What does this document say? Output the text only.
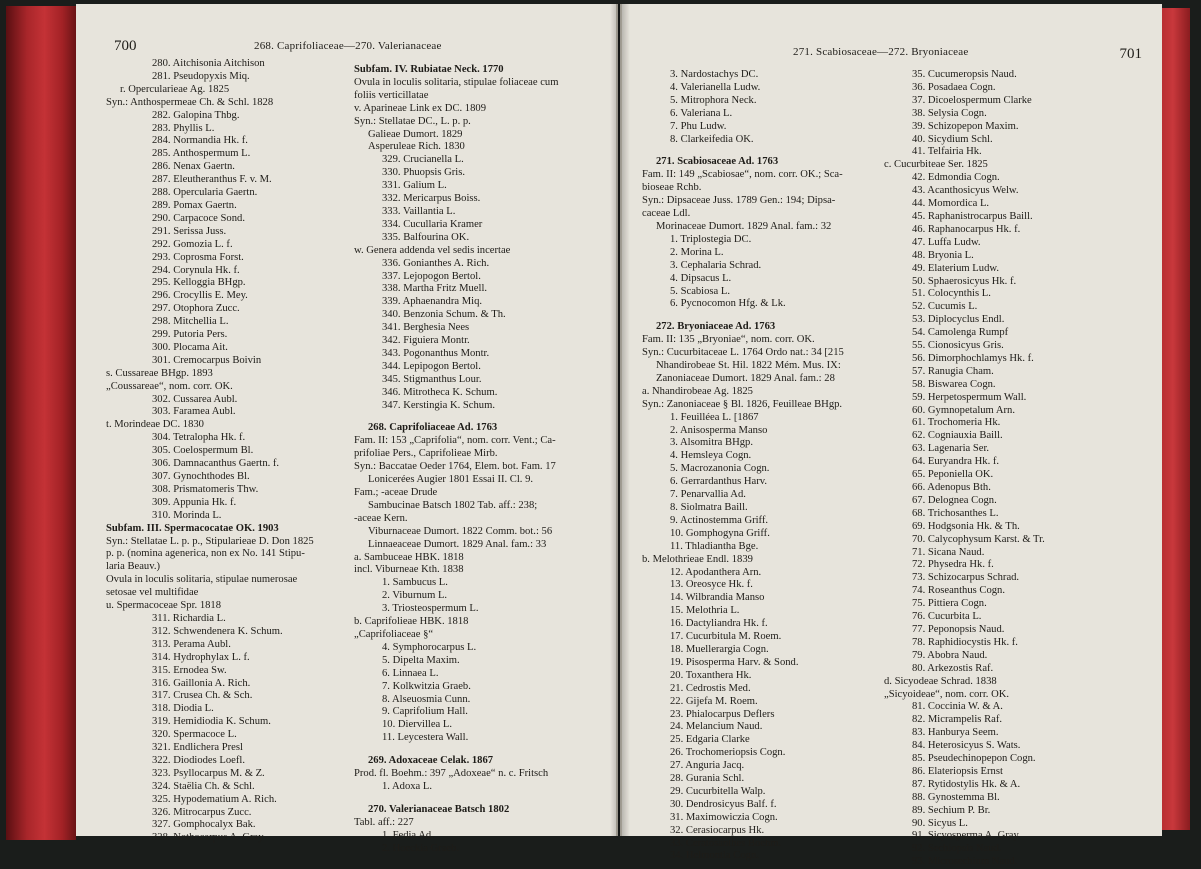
700	268. Caprifoliaceae—270. Valerianaceae
280. Aitchisonia Aitchison
281. Pseudopyxis Miq.
r. Operculariеae Ag. 1825
Syn.: Anthospermeae Ch. & Schl. 1828
282. Galopina Thbg.
283. Phyllis L.
284. Normandia Hk. f.
285. Anthospermum L.
286. Nenax Gaertn.
287. Eleutheranthus F. v. M.
288. Opercularia Gaertn.
289. Pomax Gaertn.
290. Carpacoce Sond.
291. Serissa Juss.
292. Gomozia L. f.
293. Coprosma Forst.
294. Corynula Hk. f.
295. Kelloggia BHgp.
296. Crocyllis E. Mey.
297. Otophora Zucc.
298. Mitchellia L.
299. Putoria Pers.
300. Plocama Ait.
301. Cremocarpus Boivin
s. Cussareae BHgp. 1893
„Coussareae“, nom. corr. OK.
302. Cussarea Aubl.
303. Faramea Aubl.
t. Morindeae DC. 1830
304. Tetralopha Hk. f.
305. Coelospermum Bl.
306. Damnacanthus Gaertn. f.
307. Gynochthodes Bl.
308. Prismatomeris Thw.
309. Appunia Hk. f.
310. Morinda L.
Subfam. III. Spermacocatae OK. 1903
Syn.: Stellatae L. p. p., Stipularieae D. Don 1825
p. p. (nomina agenerica, non ex No. 141 Stipu-
laria Beauv.)
Ovula in loculis solitaria, stipulae numerosae
setosae vel multifidae
u. Spermacoceae Spr. 1818
311. Richardia L.
312. Schwendenera K. Schum.
313. Perama Aubl.
314. Hydrophylax L. f.
315. Ernodea Sw.
316. Gaillonia A. Rich.
317. Crusea Ch. & Sch.
318. Diodia L.
319. Hemidiodia K. Schum.
320. Spermacoce L.
321. Endlichera Presl
322. Diodiodes Loefl.
323. Psyllocarpus M. & Z.
324. Staëlia Ch. & Schl.
325. Hypodematium A. Rich.
326. Mitrocarpus Zucc.
327. Gomphocalyx Bak.
328. Nothocarpus A. Gray
Subfam. IV. Rubiatae Neck. 1770
Ovula in loculis solitaria, stipulae foliaceae cum
foliis verticillatae
v. Aparineae Link ex DC. 1809
Syn.: Stellatae DC., L. p. p.
Galieae Dumort. 1829
Asperuleae Rich. 1830
329. Crucianella L.
330. Phuopsis Gris.
331. Galium L.
332. Mericarpus Boiss.
333. Vaillantia L.
334. Cucullaria Kramer
335. Balfourina OK.
w. Genera addenda vel sedis incertae
336. Gonianthes A. Rich.
337. Lejopogon Bertol.
338. Martha Fritz Muell.
339. Aphaenandra Miq.
340. Benzonia Schum. & Th.
341. Berghesia Nees
342. Figuiera Montr.
343. Pogonanthus Montr.
344. Lepipogon Bertol.
345. Stigmanthus Lour.
346. Mitrotheca K. Schum.
347. Kerstingia K. Schum.
268. Caprifoliaceae Ad. 1763
Fam. II: 153 „Caprifolia“, nom. corr. Vent.; Ca-
prifoliae Pers., Caprifolieae Mirb.
Syn.: Baccatae Oeder 1764, Elem. bot. Fam. 17
Loniceréеs Augier 1801 Essai II. Cl. 9.
Fam.; -aceae Drude
Sambucinae Batsch 1802 Tab. aff.: 238;
-aceae Kern.
Viburnaceae Dumort. 1822 Comm. bot.: 56
Linnaeaceae Dumort. 1829 Anal. fam.: 33
a. Sambuceae HBK. 1818
incl. Viburneae Kth. 1838
1. Sambucus L.
2. Viburnum L.
3. Triosteospermum L.
b. Caprifolieae HBK. 1818
„Caprifoliaceae §“
4. Symphorocarpus L.
5. Dipelta Maxim.
6. Linnaea L.
7. Kolkwitzia Graeb.
8. Alseuosmia Cunn.
9. Caprifolium Hall.
10. Diervillea L.
11. Leycestera Wall.
269. Adoxaceae Celak. 1867
Prod. fl. Boehm.: 397 „Adoxeae“ n. c. Fritsch
1. Adoxa L.
270. Valerianaceae Batsch 1802
Tabl. aff.: 227
1. Fedia Ad.
2. Hoeckia Graeb.
701
271. Scabiosaceae—272. Bryoniaceae
3. Nardostachys DC.
4. Valerianella Ludw.
5. Mitrophora Neck.
6. Valeriana L.
7. Phu Ludw.
8. Clarkeifedia OK.
271. Scabiosaceae Ad. 1763
Fam. II: 149 „Scabiosae“, nom. corr. OK.; Sca-
bioseae Rchb.
Syn.: Dipsaceae Juss. 1789 Gen.: 194; Dipsa-
caceae Ldl.
Morinaceae Dumort. 1829 Anal. fam.: 32
1. Triplostegia DC.
2. Morina L.
3. Cephalaria Schrad.
4. Dipsacus L.
5. Scabiosa L.
6. Pycnocomon Hfg. & Lk.
272. Bryoniaceae Ad. 1763
Fam. II: 135 „Bryoniae“, nom. corr. OK.
Syn.: Cucurbitaceae L. 1764 Ordo nat.: 34 [215
Nhandirobeae St. Hil. 1822 Mém. Mus. IX:
Zanoniaceae Dumort. 1829 Anal. fam.: 28
a. Nhandirobeae Ag. 1825
Syn.: Zanoniaceae § Bl. 1826, Feuilleae BHgp.
1. Feuilléea L. [1867
2. Anisosperma Manso
3. Alsomitra BHgp.
4. Hemsleya Cogn.
5. Macrozanonia Cogn.
6. Gerrardanthus Harv.
7. Penarvallia Ad.
8. Siolmatra Baill.
9. Actinostemma Griff.
10. Gomphogyna Griff.
11. Thladiantha Bge.
b. Melothrieae Endl. 1839
12. Apodanthera Arn.
13. Oreosyce Hk. f.
14. Wilbrandia Manso
15. Melothria L.
16. Dactyliandra Hk. f.
17. Cucurbitula M. Roem.
18. Muellerargia Cogn.
19. Pisosperma Harv. & Sond.
20. Toxanthera Hk.
21. Cedrostis Med.
22. Gijefa M. Roem.
23. Phialocarpus Deflers
24. Melancium Naud.
25. Edgaria Clarke
26. Trochomeriopsis Cogn.
27. Anguria Jacq.
28. Gurania Schl.
29. Cucurbitella Walp.
30. Dendrosicyus Balf. f.
31. Maximowiczia Cogn.
32. Cerasiocarpus Hk.
33. Ceratosanthes Boehm.
34. Helmontia Cogn.
35. Cucumeropsis Naud.
36. Posadaea Cogn.
37. Dicoelospermum Clarke
38. Selysia Cogn.
39. Schizopepon Maxim.
40. Sicydium Schl.
41. Telfairia Hk.
c. Cucurbiteae Ser. 1825
42. Edmondia Cogn.
43. Acanthosicyus Welw.
44. Momordica L.
45. Raphanistrocarpus Baill.
46. Raphanocarpus Hk. f.
47. Luffa Ludw.
48. Bryonia L.
49. Elaterium Ludw.
50. Sphaerosicyus Hk. f.
51. Colocynthis L.
52. Cucumis L.
53. Diplocyclus Endl.
54. Camolenga Rumpf
55. Cionosicyus Gris.
56. Dimorphochlamys Hk. f.
57. Ranugia Cham.
58. Biswarea Cogn.
59. Herpetospermum Wall.
60. Gymnopetalum Arn.
61. Trochomeria Hk.
62. Cogniauxia Baill.
63. Lagenaria Ser.
64. Euryandra Hk. f.
65. Peponiella OK.
66. Adenopus Bth.
67. Delognea Cogn.
68. Trichosanthes L.
69. Hodgsonia Hk. & Th.
70. Calycophysum Karst. & Tr.
71. Sicana Naud.
72. Physedra Hk. f.
73. Schizocarpus Schrad.
74. Roseanthus Cogn.
75. Pittiera Cogn.
76. Cucurbita L.
77. Peponopsis Naud.
78. Raphidiocystis Hk. f.
79. Abobra Naud.
80. Arkezostis Raf.
d. Sicyodeae Schrad. 1838
„Sicyoideae“, nom. corr. OK.
81. Coccinia W. & A.
82. Micrampelis Raf.
83. Hanburya Seem.
84. Heterosicyus S. Wats.
85. Pseudechinopepon Cogn.
86. Elateriopsis Ernst
87. Rytidostylis Hk. & A.
88. Gynostemma Bl.
89. Sechium P. Br.
90. Sicyus L.
91. Sicyosperma A. Gray
92. Sechiopsis Naud.
93. Microsechium Naud.
